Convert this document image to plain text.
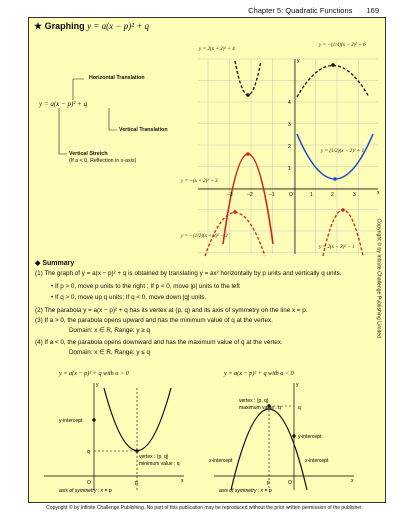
Chapter 5: Quadratic Functions 169
★ Graphing y = a(x − p)² + q
Horizontal Translation
y = a(x − p)² + q
Vertical Translation
Vertical Stretch
(If a < 0, Reflection in x-axis)
−3	−2	−1	O	1	2	3	x
4
3
2
1
y
y = 2(x + 2)² + 4
y = −(1/4)(x − 2)² + 6
y = (1/2)(x − 2)² + 1
y = −(x + 2)² + 3
y = −(1/2)(x + 3)² − 2
y = 2(x − 3)² − 1
◆ Summary
(1) The graph of y = a(x − p)² + q is obtained by translating y = ax² horizontally by p units and vertically q units.
• If p > 0, move p units to the right ; If p < 0, move |p| units to the left
• If q > 0, move up q units; If q < 0, move down |q| units.
(2) The parabola y = a(x − p)² + q has its vertex at (p, q) and its axis of symmetry on the line x = p.
(3) If a > 0, the parabola opens upward and has the minimum value of q at the vertex.
Domain: x ∈ R, Range: y ≥ q
(4) If a < 0, the parabola opens downward and has the maximum value of q at the vertex.
Domain: x ∈ R, Range: y ≤ q
y = a(x − p)² + q with a > 0
y-intercept
q
p
O	x
y
vertex : (p, q)
minimum value : q
axis of symmetry : x = p
y = a(x − p)² + q with a < 0
vertex : (p, q)
maximum value : q	q
y-intercept
x-intercept	x-intercept
p	O	x
y
axis of symmetry : x = p
Copyright © by Infinite Challenge Publishing Limited
Copyright © by Infinite Challenge Publishing. No part of this publication may be reproduced without the prior written permission of the publisher.
